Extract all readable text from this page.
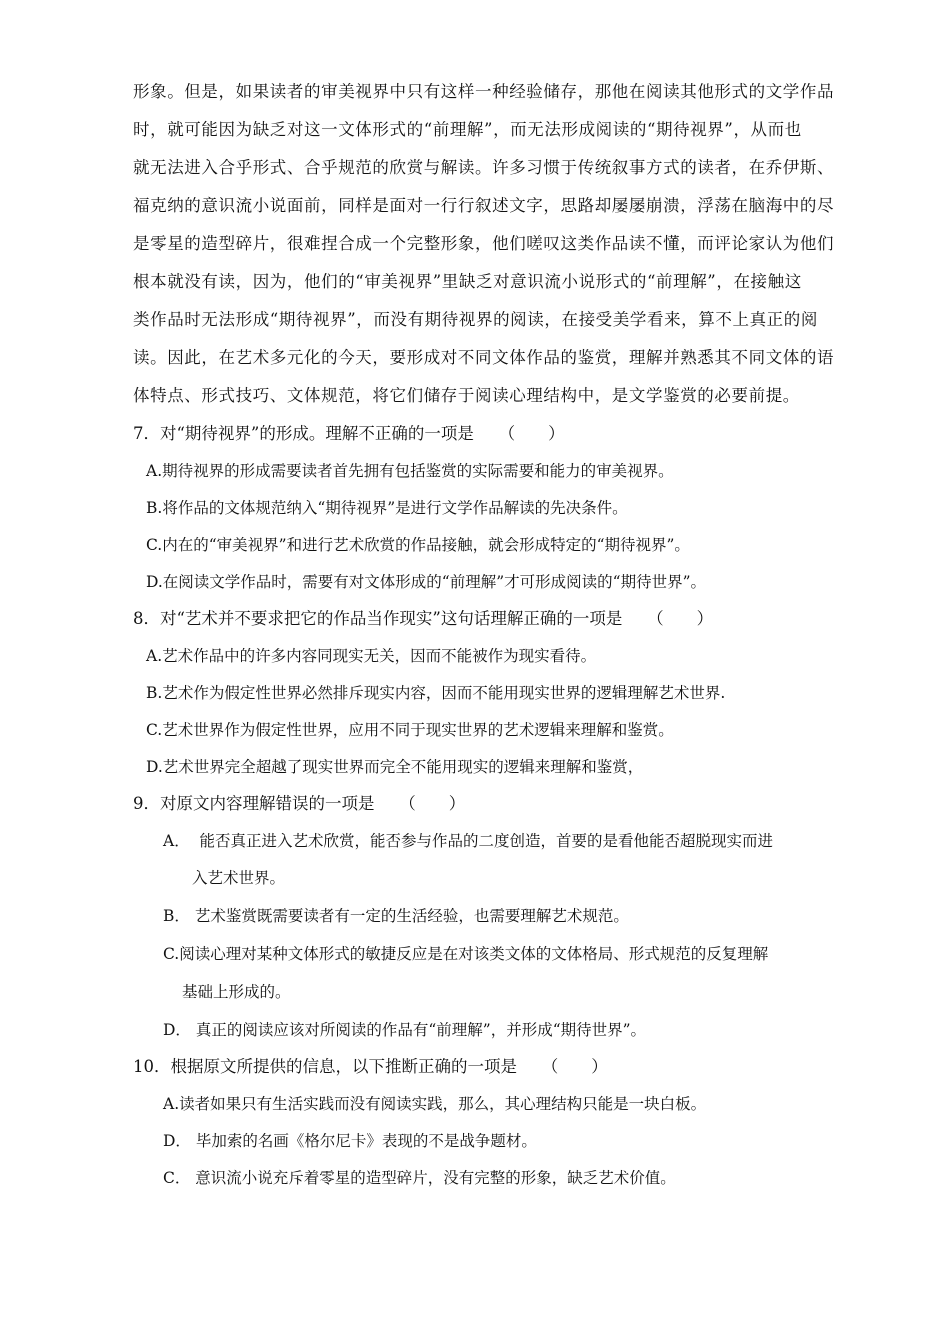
形象。但是，如果读者的审美视界中只有这样一种经验储存，那他在阅读其他形式的文学作品
时，就可能因为缺乏对这一文体形式的“前理解”，而无法形成阅读的“期待视界”，从而也
就无法进入合乎形式、合乎规范的欣赏与解读。许多习惯于传统叙事方式的读者，在乔伊斯、
福克纳的意识流小说面前，同样是面对一行行叙述文字，思路却屡屡崩溃，浮荡在脑海中的尽
是零星的造型碎片，很难捏合成一个完整形象，他们嗟叹这类作品读不懂，而评论家认为他们
根本就没有读，因为，他们的“审美视界”里缺乏对意识流小说形式的“前理解”，在接触这
类作品时无法形成“期待视界”，而没有期待视界的阅读，在接受美学看来，算不上真正的阅
读。因此，在艺术多元化的今天，要形成对不同文体作品的鉴赏，理解并熟悉其不同文体的语
体特点、形式技巧、文体规范，将它们储存于阅读心理结构中，是文学鉴赏的必要前提。
7．对“期待视界”的形成。理解不正确的一项是　　（　　）
A.期待视界的形成需要读者首先拥有包括鉴赏的实际需要和能力的审美视界。
B.将作品的文体规范纳入“期待视界”是进行文学作品解读的先决条件。
C.内在的“审美视界”和进行艺术欣赏的作品接触，就会形成特定的“期待视界”。
D.在阅读文学作品时，需要有对文体形成的“前理解”才可形成阅读的“期待世界”。
8．对“艺术并不要求把它的作品当作现实”这句话理解正确的一项是　　（　　）
A.艺术作品中的许多内容同现实无关，因而不能被作为现实看待。
B.艺术作为假定性世界必然排斥现实内容，因而不能用现实世界的逻辑理解艺术世界.
C.艺术世界作为假定性世界，应用不同于现实世界的艺术逻辑来理解和鉴赏。
D.艺术世界完全超越了现实世界而完全不能用现实的逻辑来理解和鉴赏，
9．对原文内容理解错误的一项是　　（　　）
A．  能否真正进入艺术欣赏，能否参与作品的二度创造，首要的是看他能否超脱现实而进
入艺术世界。
B． 艺术鉴赏既需要读者有一定的生活经验，也需要理解艺术规范。
C.阅读心理对某种文体形式的敏捷反应是在对该类文体的文体格局、形式规范的反复理解
基础上形成的。
D． 真正的阅读应该对所阅读的作品有“前理解”，并形成“期待世界”。
10．根据原文所提供的信息，以下推断正确的一项是　　（　　）
A.读者如果只有生活实践而没有阅读实践，那么，其心理结构只能是一块白板。
D． 毕加索的名画《格尔尼卡》表现的不是战争题材。
C． 意识流小说充斥着零星的造型碎片，没有完整的形象，缺乏艺术价值。
